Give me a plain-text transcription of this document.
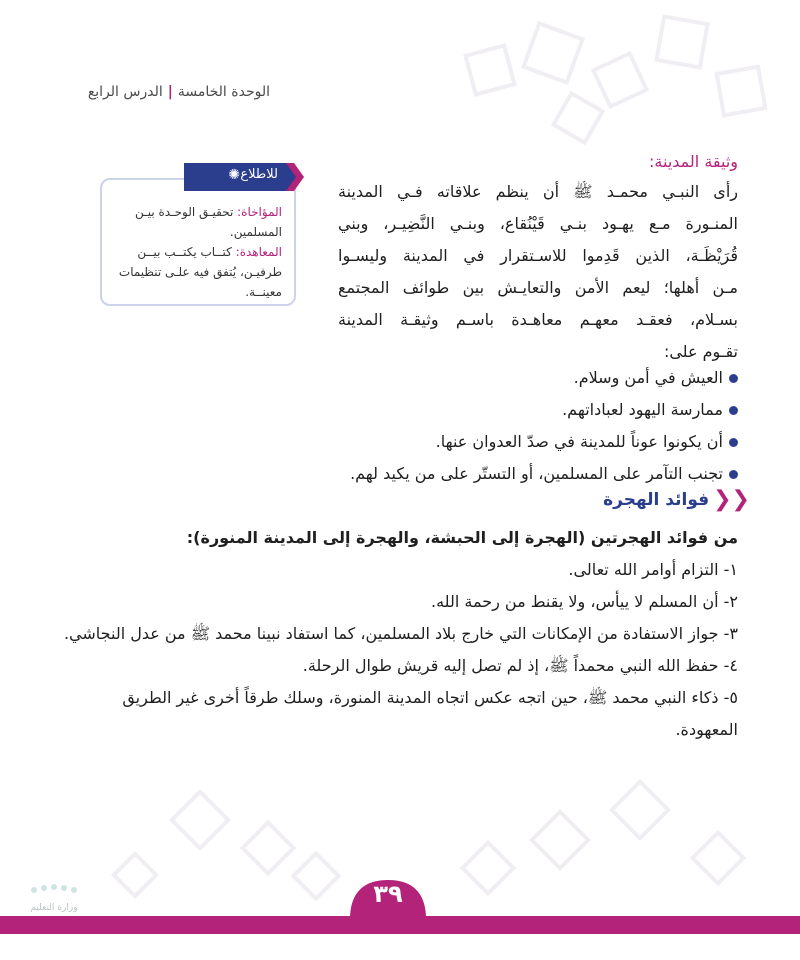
الوحدة الخامسة|الدرس الرابع
وثيقة المدينة:
رأى النبـي محمـد ﷺ أن ينظم علاقاته فـي المدينة
المنـورة مـع يهـود بنـي قَيْنُقاع، وبنـي النَّضِيـر، وبني
قُرَيْظَـة، الذين قَدِموا للاسـتقرار في المدينة وليسـوا
مـن أهلها؛ ليعم الأمن والتعايـش بين طوائف المجتمع
بسـلام، فعقـد معهـم معاهـدة باسـم وثيقـة المدينة
تقـوم على:
العيش في أمن وسلام.
ممارسة اليهود لعباداتهم.
أن يكونوا عوناً للمدينة في صدّ العدوان عنها.
تجنب التآمر على المسلمين، أو التستّر على من يكيد لهم.
المؤاخاة: تحقيـق الوحـدة بيـن المسلمين.
المعاهدة: كتــاب يكتــب بيــن طرفيـن، يُتفق فيه علـى تنظيمات معينــة.
✺ للاطلاع
❮❮
فوائد الهجرة
من فوائد الهجرتين (الهجرة إلى الحبشة، والهجرة إلى المدينة المنورة):
١- التزام أوامر الله تعالى.
٢- أن المسلم لا ييأس، ولا يقنط من رحمة الله.
٣- جواز الاستفادة من الإمكانات التي خارج بلاد المسلمين، كما استفاد نبينا محمد ﷺ من عدل النجاشي.
٤- حفظ الله النبي محمداً ﷺ، إذ لم تصل إليه قريش طوال الرحلة.
٥- ذكاء النبي محمد ﷺ، حين اتجه عكس اتجاه المدينة المنورة، وسلك طرقاً أخرى غير الطريق المعهودة.
٣٩
وزارة التعليم
